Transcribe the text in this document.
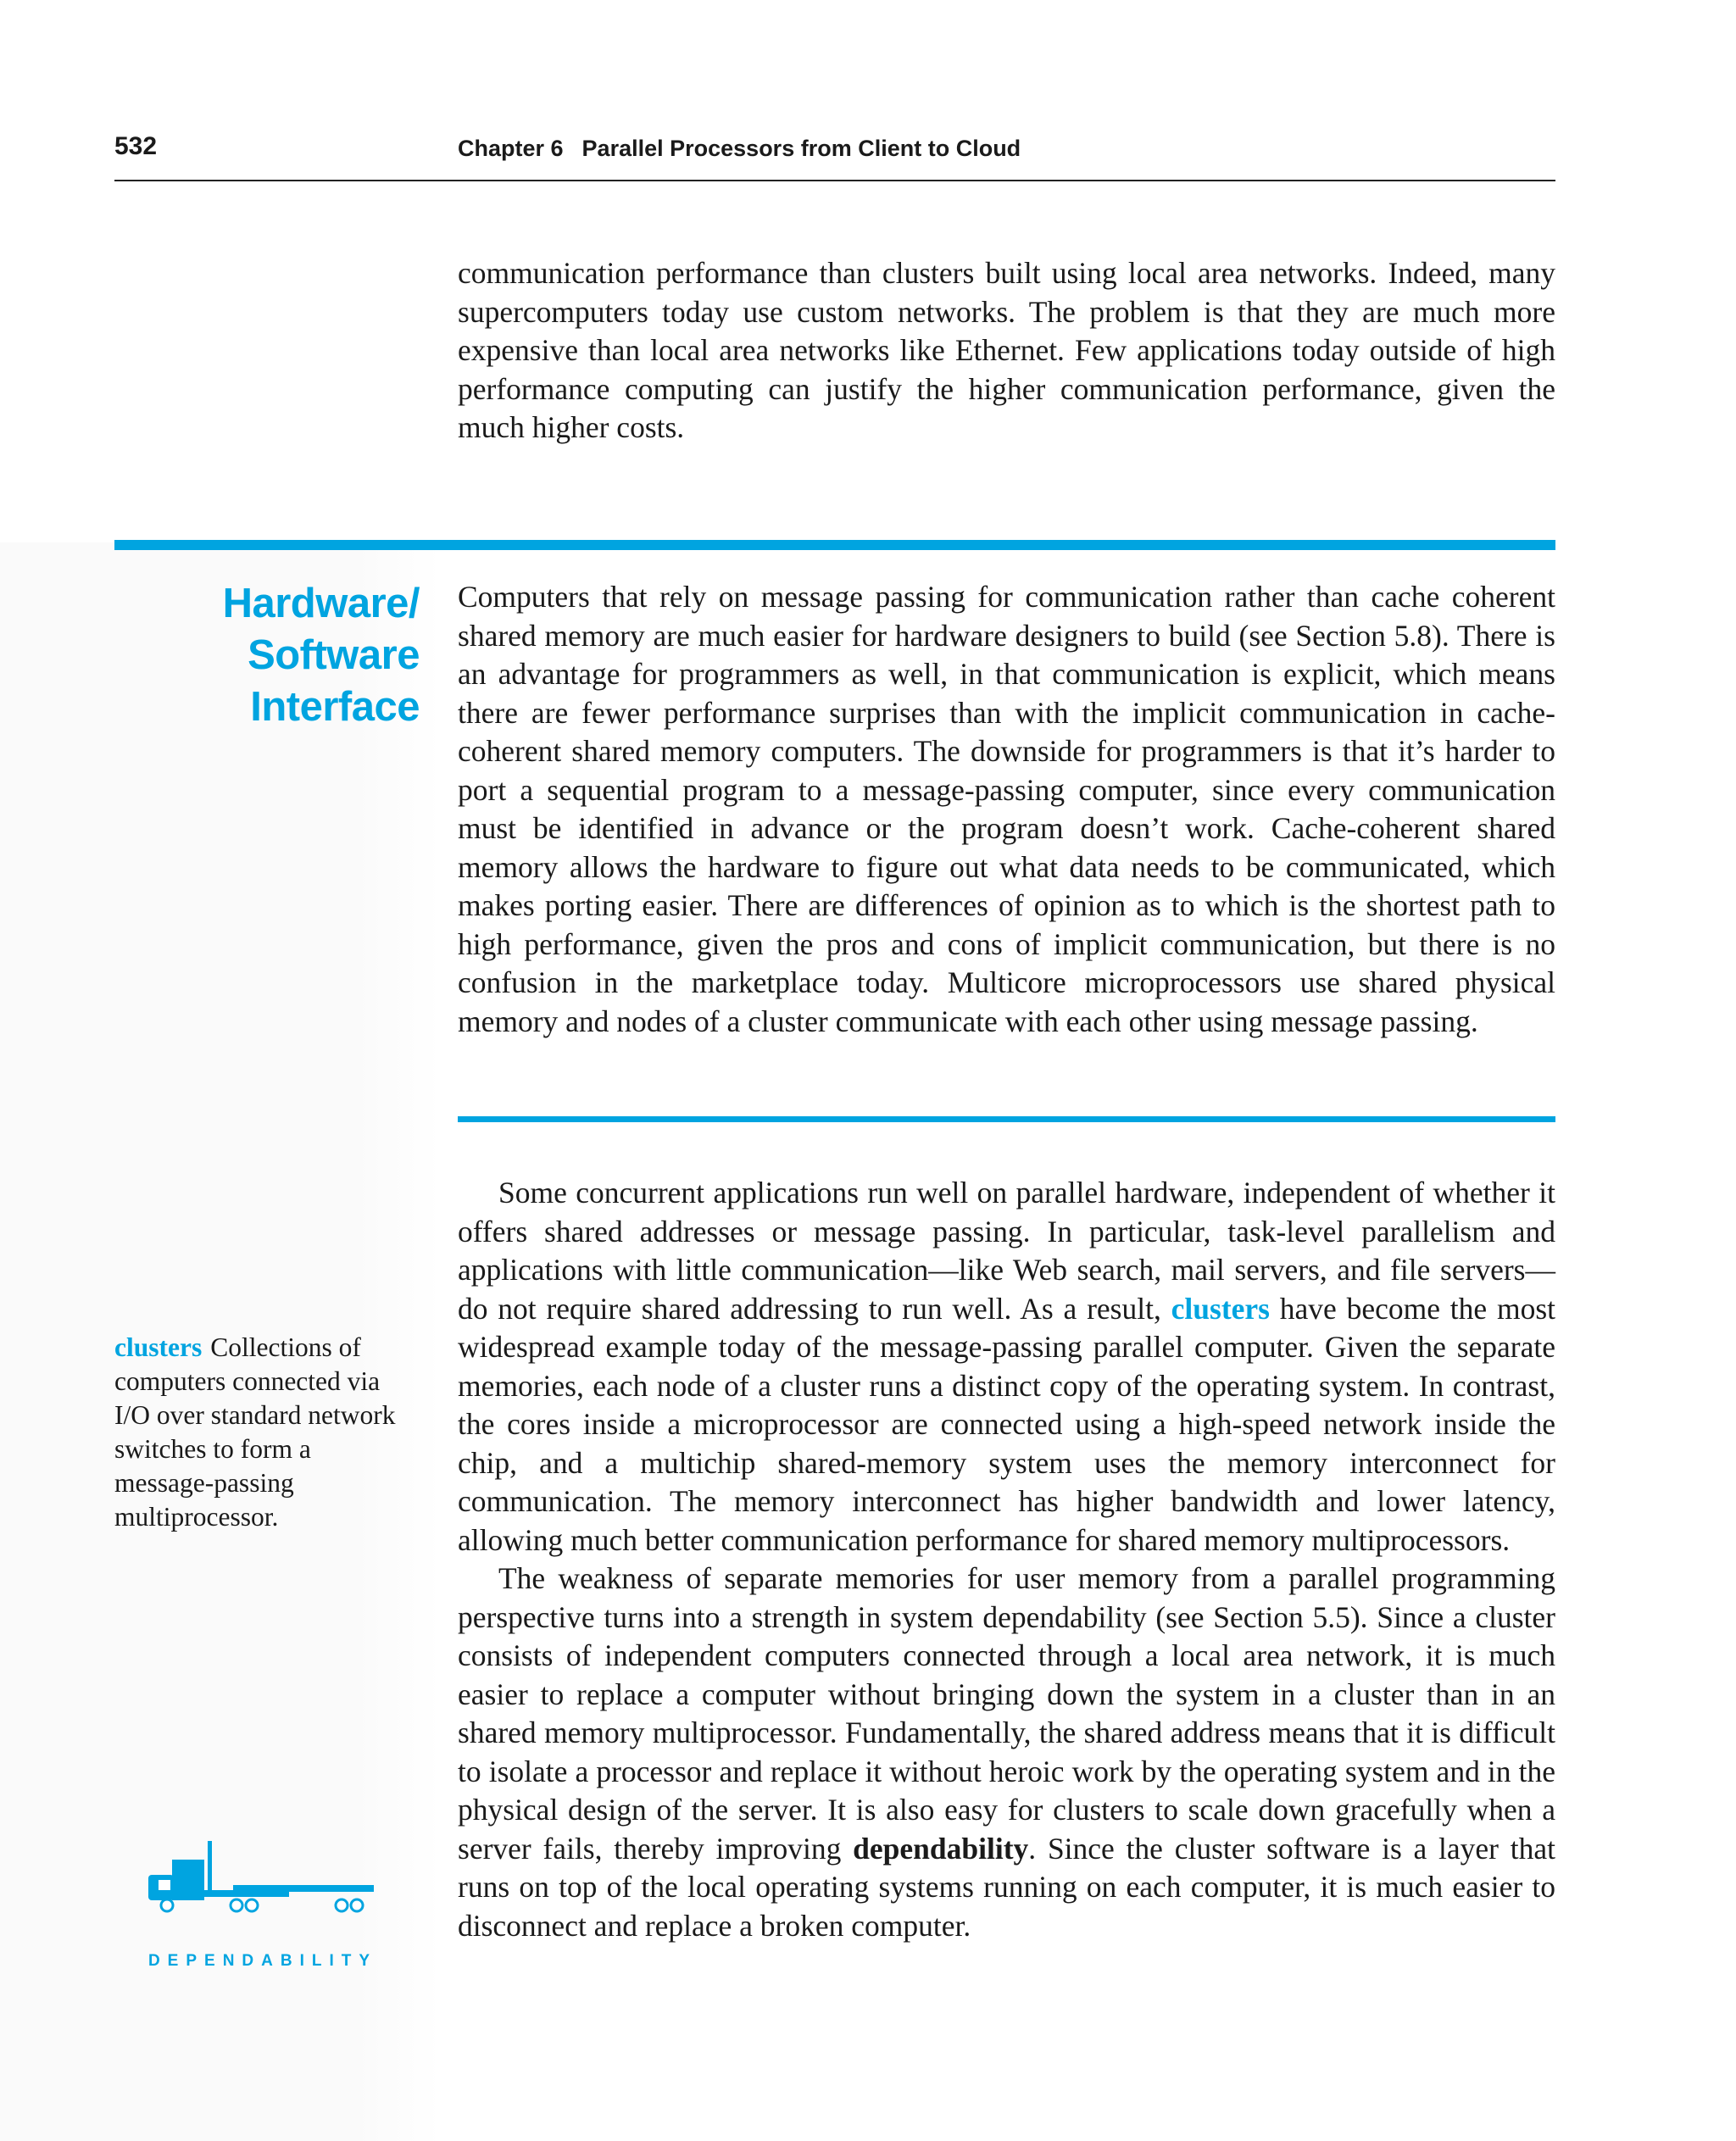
532	Chapter 6 Parallel Processors from Client to Cloud

communication performance than clusters built using local area networks. Indeed, many supercomputers today use custom networks. The problem is that they are much more expensive than local area networks like Ethernet. Few applications today outside of high performance computing can justify the higher communication performance, given the much higher costs.

Hardware/
Software
Interface

Computers that rely on message passing for communication rather than cache coherent shared memory are much easier for hardware designers to build (see Section 5.8). There is an advantage for programmers as well, in that communication is explicit, which means there are fewer performance surprises than with the implicit communication in cache-coherent shared memory computers. The downside for programmers is that it’s harder to port a sequential program to a message-passing computer, since every communication must be identified in advance or the program doesn’t work. Cache-coherent shared memory allows the hardware to figure out what data needs to be communicated, which makes porting easier. There are differences of opinion as to which is the shortest path to high performance, given the pros and cons of implicit communication, but there is no confusion in the marketplace today. Multicore microprocessors use shared physical memory and nodes of a cluster communicate with each other using message passing.

Some concurrent applications run well on parallel hardware, independent of whether it offers shared addresses or message passing. In particular, task-level parallelism and applications with little communication—like Web search, mail servers, and file servers—do not require shared addressing to run well. As a result, clusters have become the most widespread example today of the message-passing parallel computer. Given the separate memories, each node of a cluster runs a distinct copy of the operating system. In contrast, the cores inside a microprocessor are connected using a high-speed network inside the chip, and a multichip shared-memory system uses the memory interconnect for communication. The memory interconnect has higher bandwidth and lower latency, allowing much better communication performance for shared memory multiprocessors.

The weakness of separate memories for user memory from a parallel programming perspective turns into a strength in system dependability (see Section 5.5). Since a cluster consists of independent computers connected through a local area network, it is much easier to replace a computer without bringing down the system in a cluster than in an shared memory multiprocessor. Fundamentally, the shared address means that it is difficult to isolate a processor and replace it without heroic work by the operating system and in the physical design of the server. It is also easy for clusters to scale down gracefully when a server fails, thereby improving dependability. Since the cluster software is a layer that runs on top of the local operating systems running on each computer, it is much easier to disconnect and replace a broken computer.

clusters Collections of computers connected via I/O over standard network switches to form a message-passing multiprocessor.
DEPENDABILITY
